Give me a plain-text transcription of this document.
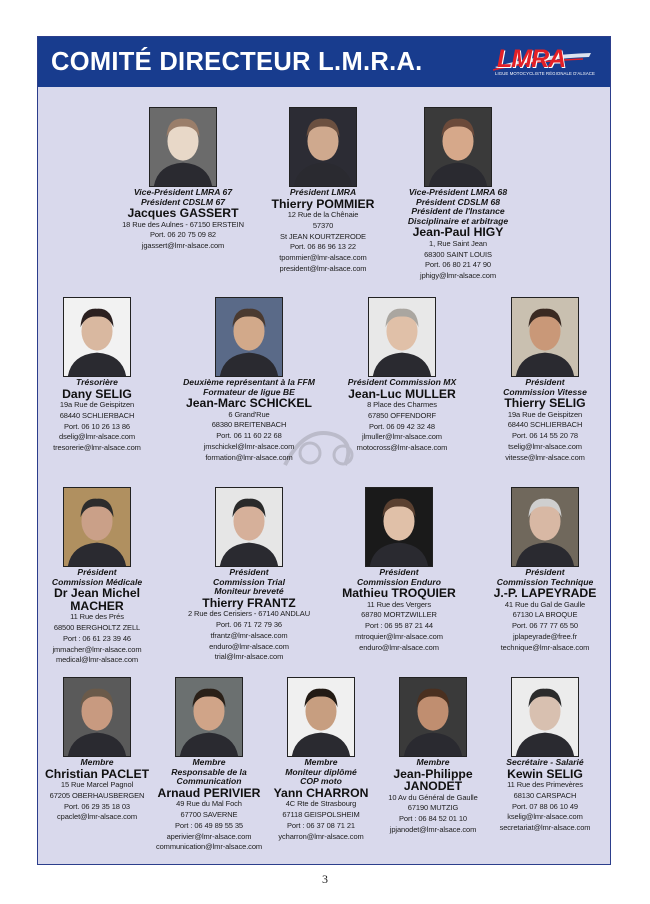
COMITÉ DIRECTEUR L.M.R.A.	LMRA
LIGUE MOTOCYCLISTE RÉGIONALE D'ALSACE
Vice-Président LMRA 67
Président CDSLM 67
Jacques GASSERT
18 Rue des Aulnes - 67150 ERSTEIN
Port. 06 20 75 09 82
jgassert@lmr-alsace.com
Président LMRA
Thierry POMMIER
12 Rue de la Chênaie
57370
St JEAN KOURTZERODE
Port. 06 86 96 13 22
tpommier@lmr-alsace.com
president@lmr-alsace.com
Vice-Président LMRA 68
Président CDSLM 68
Président de l'Instance
Disciplinaire et arbitrage
Jean-Paul HIGY
1, Rue Saint Jean
68300 SAINT LOUIS
Port. 06 80 21 47 90
jphigy@lmr-alsace.com
Trésorière
Dany SELIG
19a Rue de Geispitzen
68440 SCHLIERBACH
Port. 06 10 26 13 86
dselig@lmr-alsace.com
tresorerie@lmr-alsace.com
Deuxième représentant à la FFM
Formateur de ligue BE
Jean-Marc SCHICKEL
6 Grand'Rue
68380 BREITENBACH
Port. 06 11 60 22 68
jmschickel@lmr-alsace.com
formation@lmr-alsace.com
Président Commission MX
Jean-Luc MULLER
8 Place des Charmes
67850 OFFENDORF
Port. 06 09 42 32 48
jlmuller@lmr-alsace.com
motocross@lmr-alsace.com
Président
Commission Vitesse
Thierry SELIG
19a Rue de Geispitzen
68440 SCHLIERBACH
Port. 06 14 55 20 78
tselig@lmr-alsace.com
vitesse@lmr-alsace.com
Président
Commission Médicale
Dr Jean Michel MACHER
11 Rue des Prés
68500 BERGHOLTZ ZELL
Port : 06 61 23 39 46
jmmacher@lmr-alsace.com
medical@lmr-alsace.com
Président
Commission Trial
Moniteur breveté
Thierry FRANTZ
2 Rue des Cerisiers - 67140 ANDLAU
Port. 06 71 72 79 36
tfrantz@lmr-alsace.com
enduro@lmr-alsace.com
trial@lmr-alsace.com
Président
Commission Enduro
Mathieu TROQUIER
11 Rue des Vergers
68780 MORTZWILLER
Port : 06 95 87 21 44
mtroquier@lmr-alsace.com
enduro@lmr-alsace.com
Président
Commission Technique
J.-P. LAPEYRADE
41 Rue du Gal de Gaulle
67130 LA BROQUE
Port. 06 77 77 65 50
jplapeyrade@free.fr
technique@lmr-alsace.com
Membre
Christian PACLET
15 Rue Marcel Pagnol
67205 OBERHAUSBERGEN
Port. 06 29 35 18 03
cpaclet@lmr-alsace.com
Membre
Responsable de la
Communication
Arnaud PERIVIER
49 Rue du Mal Foch
67700 SAVERNE
Port : 06 49 89 55 35
aperivier@lmr-alsace.com
communication@lmr-alsace.com
Membre
Moniteur diplômé
COP moto
Yann CHARRON
4C Rte de Strasbourg
67118 GEISPOLSHEIM
Port : 06 37 08 71 21
ycharron@lmr-alsace.com
Membre
Jean-Philippe JANODET
10 Av du Général de Gaulle
67190 MUTZIG
Port : 06 84 52 01 10
jpjanodet@lmr-alsace.com
Secrétaire - Salarié
Kewin SELIG
11 Rue des Primevères
68130 CARSPACH
Port. 07 88 06 10 49
kselig@lmr-alsace.com
secretariat@lmr-alsace.com
3
